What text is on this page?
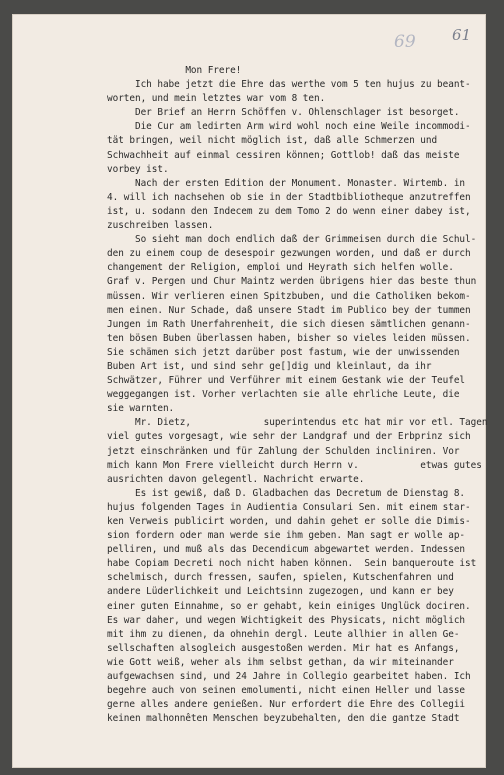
61
69
Mon Frere!
Ich habe jetzt die Ehre das werthe vom 5 ten hujus zu beant-
worten, und mein letztes war vom 8 ten.
Der Brief an Herrn Schöffen v. Ohlenschlager ist besorget.
Die Cur am ledirten Arm wird wohl noch eine Weile incommodi-
tät bringen, weil nicht möglich ist, daß alle Schmerzen und
Schwachheit auf einmal cessiren können; Gottlob! daß das meiste
vorbey ist.
Nach der ersten Edition der Monument. Monaster. Wirtemb. in
4. will ich nachsehen ob sie in der Stadtbibliotheque anzutreffen
ist, u. sodann den Indecem zu dem Tomo 2 do wenn einer dabey ist,
zuschreiben lassen.
So sieht man doch endlich daß der Grimmeisen durch die Schul-
den zu einem coup de desespoir gezwungen worden, und daß er durch
changement der Religion, emploi und Heyrath sich helfen wolle.
Graf v. Pergen und Chur Maintz werden übrigens hier das beste thun
müssen. Wir verlieren einen Spitzbuben, und die Catholiken bekom-
men einen. Nur Schade, daß unsere Stadt im Publico bey der tummen
Jungen im Rath Unerfahrenheit, die sich diesen sämtlichen genann-
ten bösen Buben überlassen haben, bisher so vieles leiden müssen.
Sie schämen sich jetzt darüber post fastum, wie der unwissenden
Buben Art ist, und sind sehr ge[]dig und kleinlaut, da ihr
Schwätzer, Führer und Verführer mit einem Gestank wie der Teufel
weggegangen ist. Vorher verlachten sie alle ehrliche Leute, die
sie warnten.
Mr. Dietz,             superintendus etc hat mir vor etl. Tagen
viel gutes vorgesagt, wie sehr der Landgraf und der Erbprinz sich
jetzt einschränken und für Zahlung der Schulden incliniren. Vor
mich kann Mon Frere vielleicht durch Herrn v.           etwas gutes
ausrichten davon gelegentl. Nachricht erwarte.
Es ist gewiß, daß D. Gladbachen das Decretum de Dienstag 8.
hujus folgenden Tages in Audientia Consulari Sen. mit einem star-
ken Verweis publicirt worden, und dahin gehet er solle die Dimis-
sion fordern oder man werde sie ihm geben. Man sagt er wolle ap-
pelliren, und muß als das Decendicum abgewartet werden. Indessen
habe Copiam Decreti noch nicht haben können.  Sein banqueroute ist
schelmisch, durch fressen, saufen, spielen, Kutschenfahren und
andere Lüderlichkeit und Leichtsinn zugezogen, und kann er bey
einer guten Einnahme, so er gehabt, kein einiges Unglück dociren.
Es war daher, und wegen Wichtigkeit des Physicats, nicht möglich
mit ihm zu dienen, da ohnehin dergl. Leute allhier in allen Ge-
sellschaften alsogleich ausgestoßen werden. Mir hat es Anfangs,
wie Gott weiß, weher als ihm selbst gethan, da wir miteinander
aufgewachsen sind, und 24 Jahre in Collegio gearbeitet haben. Ich
begehre auch von seinen emolumenti, nicht einen Heller und lasse
gerne alles andere genießen. Nur erfordert die Ehre des Collegii
keinen malhonnêten Menschen beyzubehalten, den die gantze Stadt
